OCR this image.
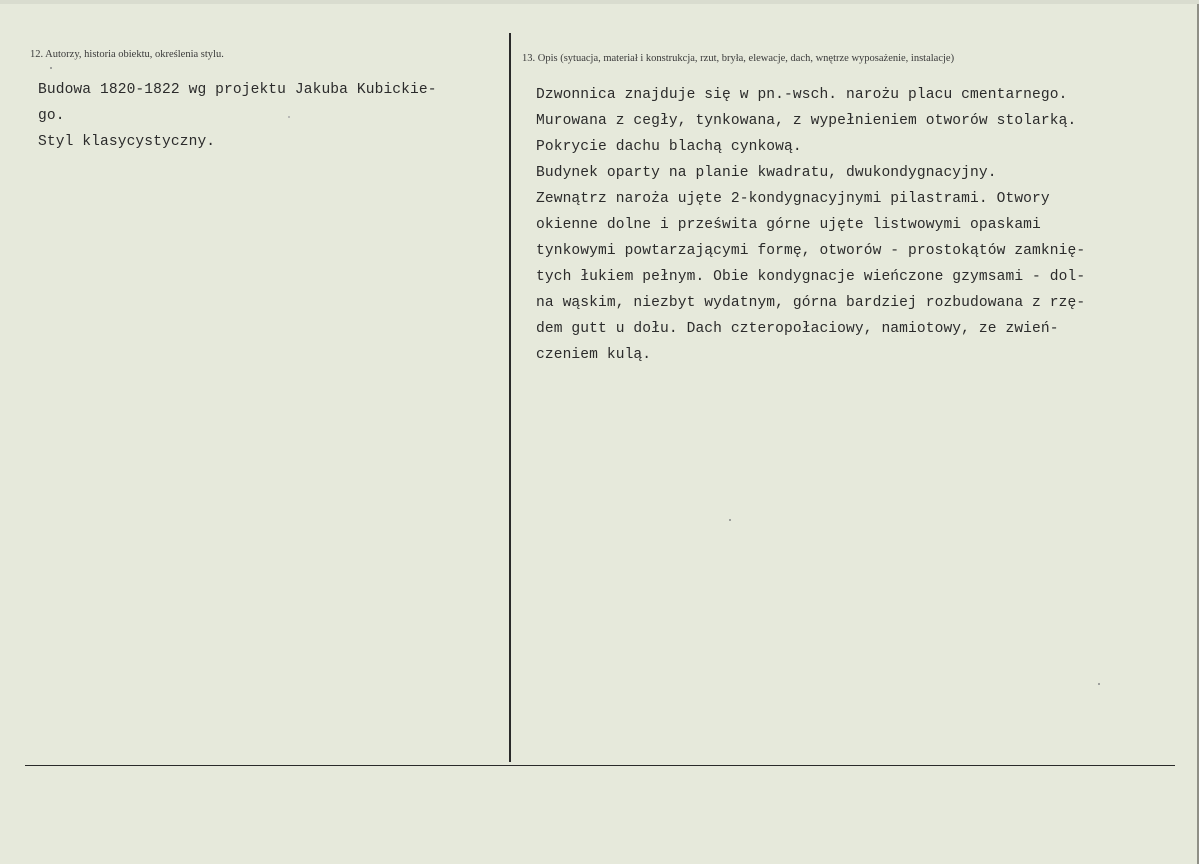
12. Autorzy, historia obiektu, określenia stylu.	13. Opis (sytuacja, materiał i konstrukcja, rzut, bryła, elewacje, dach, wnętrze wyposażenie, instalacje)
Budowa 1820-1822 wg projektu Jakuba Kubickie-
go.
Styl klasycystyczny.
Dzwonnica znajduje się w pn.-wsch. narożu placu cmentarnego.
Murowana z cegły, tynkowana, z wypełnieniem otworów stolarką.
Pokrycie dachu blachą cynkową.
Budynek oparty na planie kwadratu, dwukondygnacyjny.
Zewnątrz naroża ujęte 2-kondygnacyjnymi pilastrami. Otwory
okienne dolne i prześwita górne ujęte listwowymi opaskami
tynkowymi powtarzającymi formę, otworów - prostokątów zamknię-
tych łukiem pełnym. Obie kondygnacje wieńczone gzymsami - dol-
na wąskim, niezbyt wydatnym, górna bardziej rozbudowana z rzę-
dem gutt u dołu. Dach czteropołaciowy, namiotowy, ze zwień-
czeniem kulą.
